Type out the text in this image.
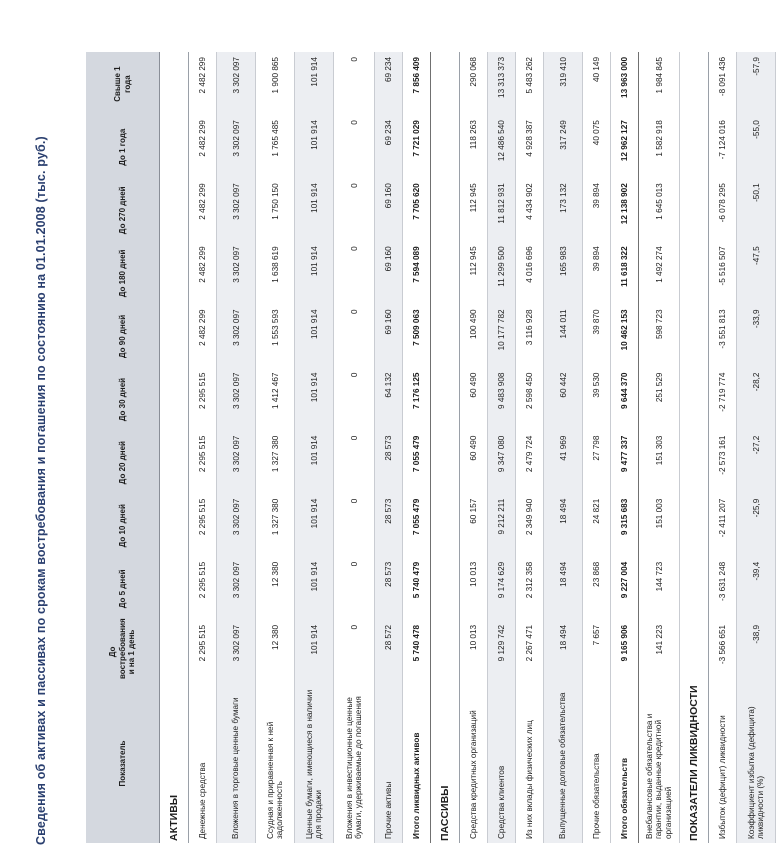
Сведения об активах и пассивах по срокам востребования и погашения по состоянию на 01.01.2008 (тыс. руб.)	Показатель	До востребования и на 1 день	До 5 дней	До 10 дней	До 20 дней	До 30 дней	До 90 дней	До 180 дней	До 270 дней	До 1 года	Свыше 1 года
АКТИВЫ										
Денежные средства	2 295 515	2 295 515	2 295 515	2 295 515	2 295 515	2 482 299	2 482 299	2 482 299	2 482 299	2 482 299
Вложения в торговые ценные бумаги	3 302 097	3 302 097	3 302 097	3 302 097	3 302 097	3 302 097	3 302 097	3 302 097	3 302 097	3 302 097
Ссудная и приравненная к ней задолженность	12 380	12 380	1 327 380	1 327 380	1 412 467	1 553 593	1 638 619	1 750 150	1 765 485	1 900 865
Ценные бумаги, имеющиеся в наличии для продажи	101 914	101 914	101 914	101 914	101 914	101 914	101 914	101 914	101 914	101 914
Вложения в инвестиционные ценные бумаги, удерживаемые до погашения	0	0	0	0	0	0	0	0	0	0
Прочие активы	28 572	28 573	28 573	28 573	64 132	69 160	69 160	69 160	69 234	69 234
Итого ликвидных активов	5 740 478	5 740 479	7 055 479	7 055 479	7 176 125	7 509 063	7 594 089	7 705 620	7 721 029	7 856 409
ПАССИВЫ										
Средства кредитных организаций	10 013	10 013	60 157	60 490	60 490	100 490	112 945	112 945	118 263	290 068
Средства клиентов	9 129 742	9 174 629	9 212 211	9 347 080	9 483 908	10 177 782	11 299 500	11 812 931	12 486 540	13 313 373
Из них вклады физических лиц	2 267 471	2 312 358	2 349 940	2 479 724	2 598 450	3 116 928	4 016 696	4 434 902	4 928 387	5 483 262
Выпущенные долговые обязательства	18 494	18 494	18 494	41 969	60 442	144 011	165 983	173 132	317 249	319 410
Прочие обязательства	7 657	23 868	24 821	27 798	39 530	39 870	39 894	39 894	40 075	40 149
Итого обязательств	9 165 906	9 227 004	9 315 683	9 477 337	9 644 370	10 462 153	11 618 322	12 138 902	12 962 127	13 963 000
Внебалансовые обязательства и гарантии, выданные кредитной организацией	141 223	144 723	151 003	151 303	251 529	598 723	1 492 274	1 645 013	1 582 918	1 984 845
ПОКАЗАТЕЛИ ЛИКВИДНОСТИ										
Избыток (дефицит) ликвидности	-3 566 651	-3 631 248	-2 411 207	-2 573 161	-2 719 774	-3 551 813	-5 516 507	-6 078 295	-7 124 016	-8 091 436
Коэффициент избытка (дефицита) ликвидности (%)	-38,9	-39,4	-25,9	-27,2	-28,2	-33,9	-47,5	-50,1	-55,0	-57,9
